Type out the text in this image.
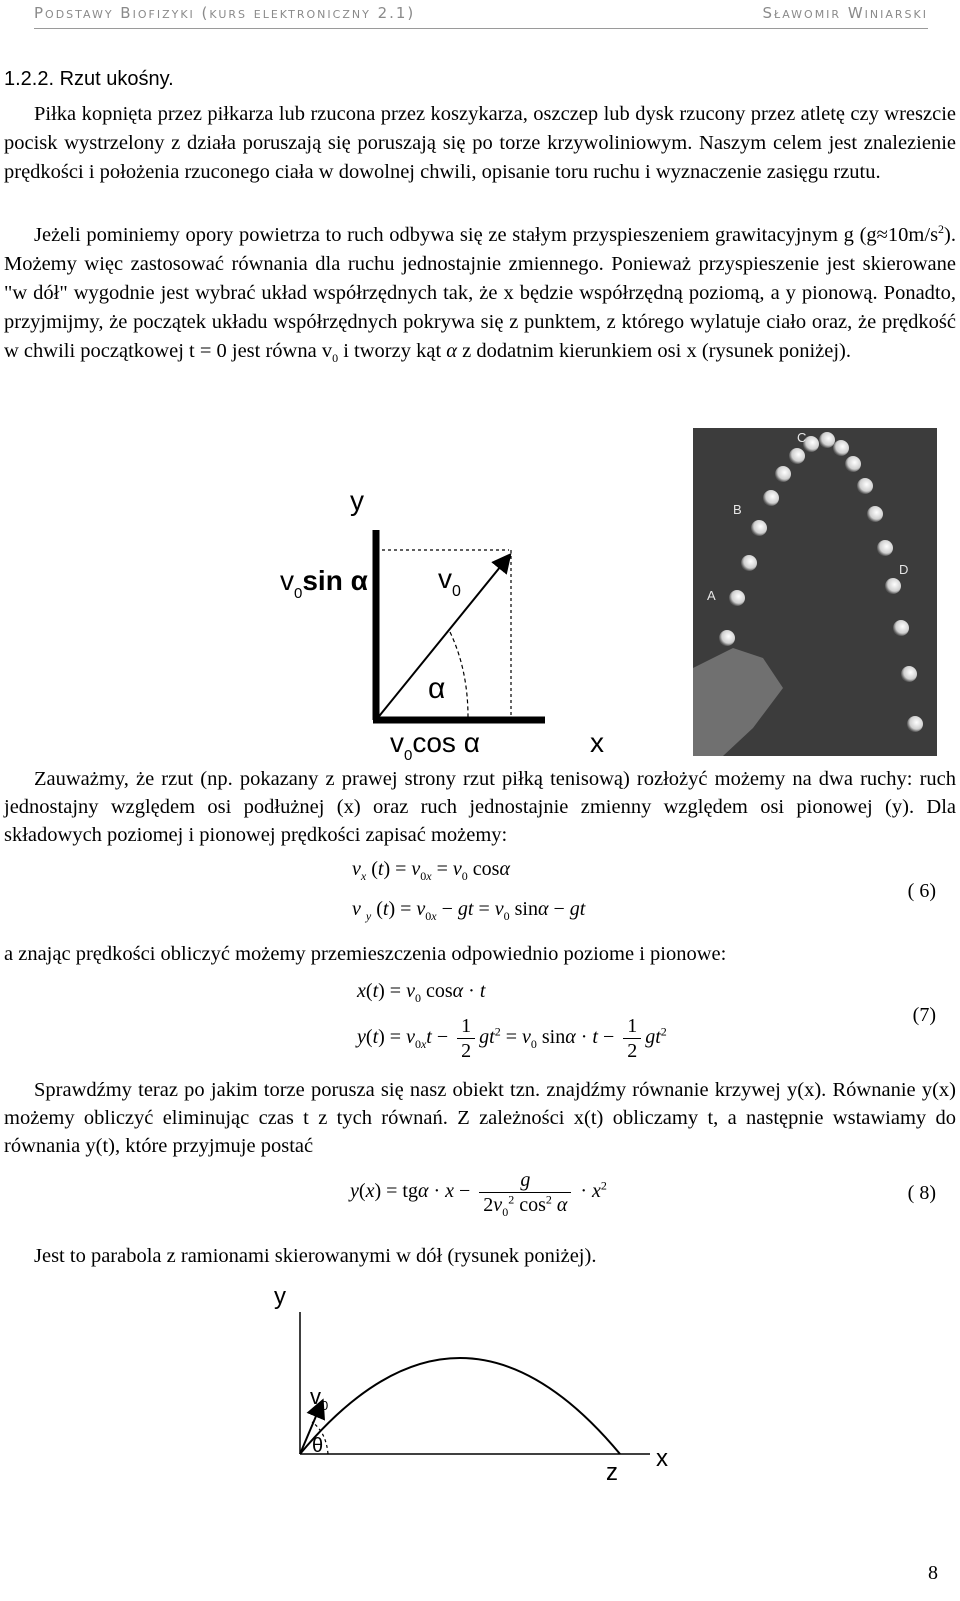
Podstawy Biofizyki (kurs elektroniczny 2.1)	Sławomir Winiarski
1.2.2. Rzut ukośny.

Piłka kopnięta przez piłkarza lub rzucona przez koszykarza, oszczep lub dysk rzucony przez atletę czy wreszcie pocisk wystrzelony z działa poruszają się poruszają się po torze krzywoliniowym. Naszym celem jest znalezienie prędkości i położenia rzuconego ciała w dowolnej chwili, opisanie toru ruchu i wyznaczenie zasięgu rzutu.

Jeżeli pominiemy opory powietrza to ruch odbywa się ze stałym przyspieszeniem grawitacyjnym g $(g\approx 10m/s^2)$. Możemy więc zastosować równania dla ruchu jednostajnie zmiennego. Ponieważ przyspieszenie jest skierowane "w dół" wygodnie jest wybrać układ współrzędnych tak, że x będzie współrzędną poziomą, a y pionową. Ponadto, przyjmijmy, że początek układu współrzędnych pokrywa się z punktem, z którego wylatuje ciało oraz, że prędkość w chwili początkowej t = 0 jest równa $v_0$ i tworzy kąt α z dodatnim kierunkiem osi x (rysunek poniżej).

y
x
$v_0$
α
$v_0\sin$ α
$v_0\cos$ α
A
B
C
D

Zauważmy, że rzut (np. pokazany z prawej strony rzut piłką tenisową) rozłożyć możemy na dwa ruchy: ruch jednostajny względem osi podłużnej (x) oraz ruch jednostajnie zmienny względem osi pionowej (y). Dla składowych poziomej i pionowej prędkości zapisać możemy:

$v_x$ $(t) = v_{0x} = v_0$ cosα
v $_y$ $(t) = v_{0x}$ − gt = $v_0$ sinα − gt
( 6)

a znając prędkości obliczyć możemy przemieszczenia odpowiednio poziome i pionowe:

$x(t) = v_0$ cosα · t
$y(t) = v_{0x}t - \frac{1}{2} gt^2 = v_0$ $\sin\alpha \cdot t - \frac{1}{2} gt^2$
(7)

Sprawdźmy teraz po jakim torze porusza się nasz obiekt tzn. znajdźmy równanie krzywej y(x). Równanie y(x) możemy obliczyć eliminując czas t z tych równań. Z zależności x(t) obliczamy t, a następnie wstawiamy do równania y(t), które przyjmuje postać

$y(x) = tg\alpha \cdot x - \frac{g}{2v_0^2 \cos^2 \alpha} \cdot x^2$	( 8)

Jest to parabola z ramionami skierowanymi w dół (rysunek poniżej).

y
x
z
$v_0$
θ
8
